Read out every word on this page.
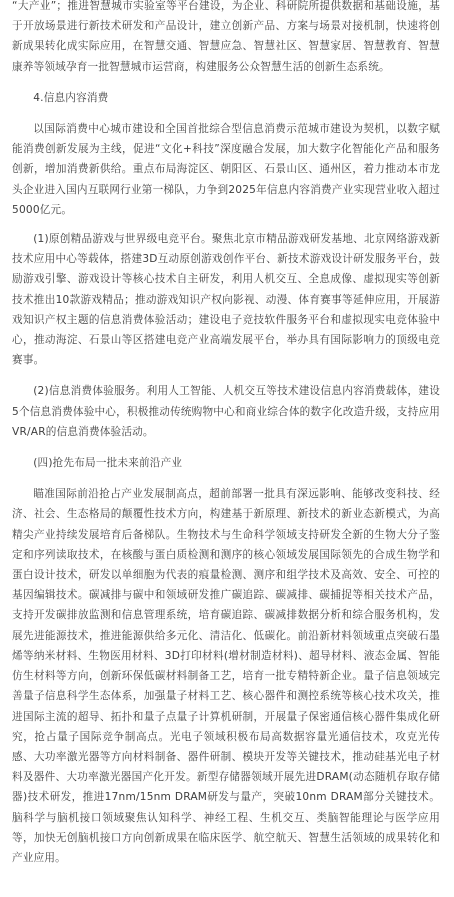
“大产业”；推进智慧城市实验室等平台建设，为企业、科研院所提供数据和基础设施，基于开放场景进行新技术研发和产品设计，建立创新产品、方案与场景对接机制，快速将创新成果转化成实际应用，在智慧交通、智慧应急、智慧社区、智慧家居、智慧教育、智慧康养等领域孕育一批智慧城市运营商，构建服务公众智慧生活的创新生态系统。

4.信息内容消费

以国际消费中心城市建设和全国首批综合型信息消费示范城市建设为契机，以数字赋能消费创新发展为主线，促进“文化+科技”深度融合发展，加大数字化智能化产品和服务创新，增加消费新供给。重点布局海淀区、朝阳区、石景山区、通州区，着力推动本市龙头企业进入国内互联网行业第一梯队，力争到2025年信息内容消费产业实现营业收入超过5000亿元。

(1)原创精品游戏与世界级电竞平台。聚焦北京市精品游戏研发基地、北京网络游戏新技术应用中心等载体，搭建3D互动原创游戏创作平台、新技术游戏设计研发服务平台，鼓励游戏引擎、游戏设计等核心技术自主研发，利用人机交互、全息成像、虚拟现实等创新技术推出10款游戏精品；推动游戏知识产权向影视、动漫、体育赛事等延伸应用，开展游戏知识产权主题的信息消费体验活动；建设电子竞技软件服务平台和虚拟现实电竞体验中心，推动海淀、石景山等区搭建电竞产业高端发展平台，举办具有国际影响力的顶级电竞赛事。

(2)信息消费体验服务。利用人工智能、人机交互等技术建设信息内容消费载体，建设5个信息消费体验中心，积极推动传统购物中心和商业综合体的数字化改造升级，支持应用VR/AR的信息消费体验活动。

(四)抢先布局一批未来前沿产业

瞄准国际前沿抢占产业发展制高点，超前部署一批具有深远影响、能够改变科技、经济、社会、生态格局的颠覆性技术方向，构建基于新原理、新技术的新业态新模式，为高精尖产业持续发展培育后备梯队。生物技术与生命科学领域支持研发全新的生物大分子鉴定和序列读取技术，在核酸与蛋白质检测和测序的核心领域发展国际领先的合成生物学和蛋白设计技术，研发以单细胞为代表的痕量检测、测序和组学技术及高效、安全、可控的基因编辑技术。碳减排与碳中和领域研发推广碳追踪、碳减排、碳捕捉等相关技术产品，支持开发碳排放监测和信息管理系统，培育碳追踪、碳减排数据分析和综合服务机构，发展先进能源技术，推进能源供给多元化、清洁化、低碳化。前沿新材料领域重点突破石墨烯等纳米材料、生物医用材料、3D打印材料(增材制造材料)、超导材料、液态金属、智能仿生材料等方向，创新环保低碳材料制备工艺，培育一批专精特新企业。量子信息领域完善量子信息科学生态体系，加强量子材料工艺、核心器件和测控系统等核心技术攻关，推进国际主流的超导、拓扑和量子点量子计算机研制，开展量子保密通信核心器件集成化研究，抢占量子国际竞争制高点。光电子领域积极布局高数据容量光通信技术，攻克光传感、大功率激光器等方向材料制备、器件研制、模块开发等关键技术，推动硅基光电子材料及器件、大功率激光器国产化开发。新型存储器领域开展先进DRAM(动态随机存取存储器)技术研发，推进17nm/15nm DRAM研发与量产，突破10nm DRAM部分关键技术。脑科学与脑机接口领域聚焦认知科学、神经工程、生机交互、类脑智能理论与医学应用等，加快无创脑机接口方向创新成果在临床医学、航空航天、智慧生活领域的成果转化和产业应用。
